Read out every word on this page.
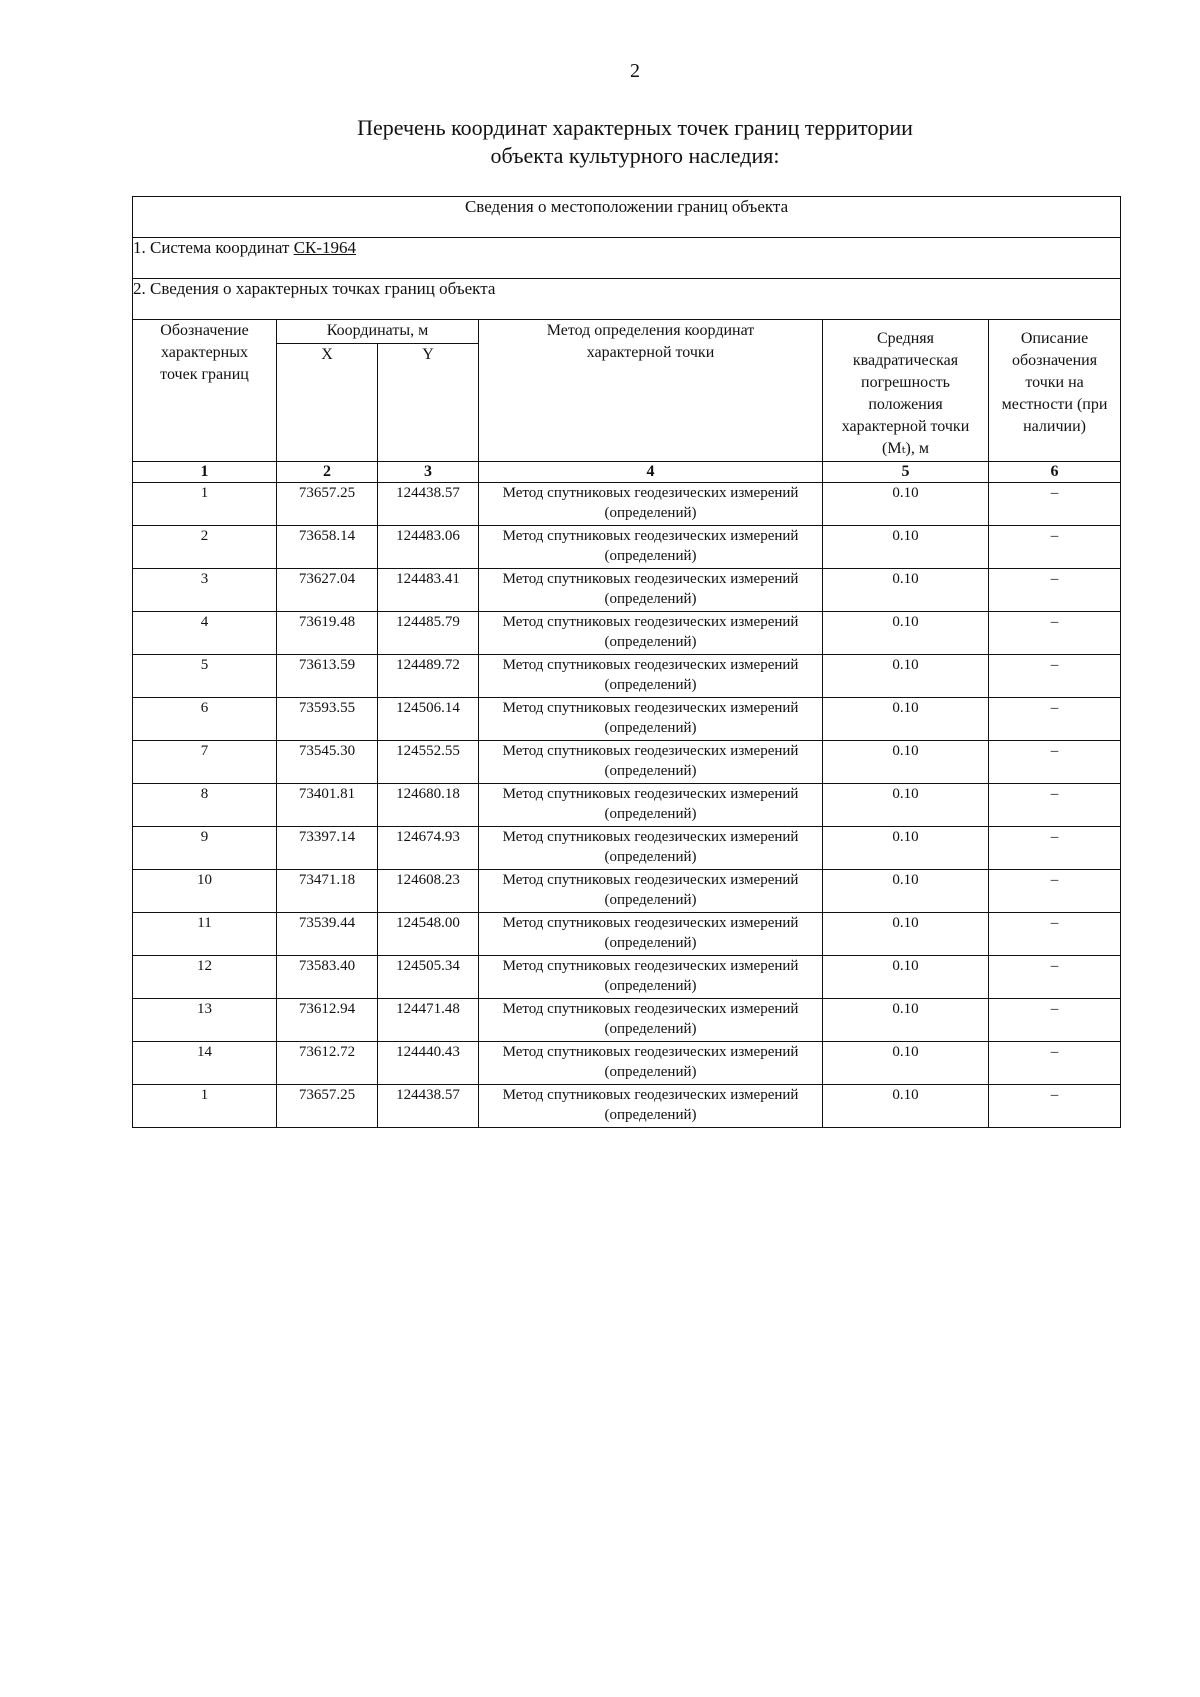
2
Перечень координат характерных точек границ территории
объекта культурного наследия:
Сведения о местоположении границ объекта					
1. Система координат СК-1964					
2. Сведения о характерных точках границ объекта					
Обозначение характерных точек границ	Координаты, м		Метод определения координат характерной точки	Средняя квадратическая погрешность положения характерной точки (Mₜ), м	Описание обозначения точки на местности (при наличии)
	X	Y			
1	2	3	4	5	6
1	73657.25	124438.57	Метод спутниковых геодезических измерений (определений)	0.10	–
2	73658.14	124483.06	Метод спутниковых геодезических измерений (определений)	0.10	–
3	73627.04	124483.41	Метод спутниковых геодезических измерений (определений)	0.10	–
4	73619.48	124485.79	Метод спутниковых геодезических измерений (определений)	0.10	–
5	73613.59	124489.72	Метод спутниковых геодезических измерений (определений)	0.10	–
6	73593.55	124506.14	Метод спутниковых геодезических измерений (определений)	0.10	–
7	73545.30	124552.55	Метод спутниковых геодезических измерений (определений)	0.10	–
8	73401.81	124680.18	Метод спутниковых геодезических измерений (определений)	0.10	–
9	73397.14	124674.93	Метод спутниковых геодезических измерений (определений)	0.10	–
10	73471.18	124608.23	Метод спутниковых геодезических измерений (определений)	0.10	–
11	73539.44	124548.00	Метод спутниковых геодезических измерений (определений)	0.10	–
12	73583.40	124505.34	Метод спутниковых геодезических измерений (определений)	0.10	–
13	73612.94	124471.48	Метод спутниковых геодезических измерений (определений)	0.10	–
14	73612.72	124440.43	Метод спутниковых геодезических измерений (определений)	0.10	–
1	73657.25	124438.57	Метод спутниковых геодезических измерений (определений)	0.10	–
